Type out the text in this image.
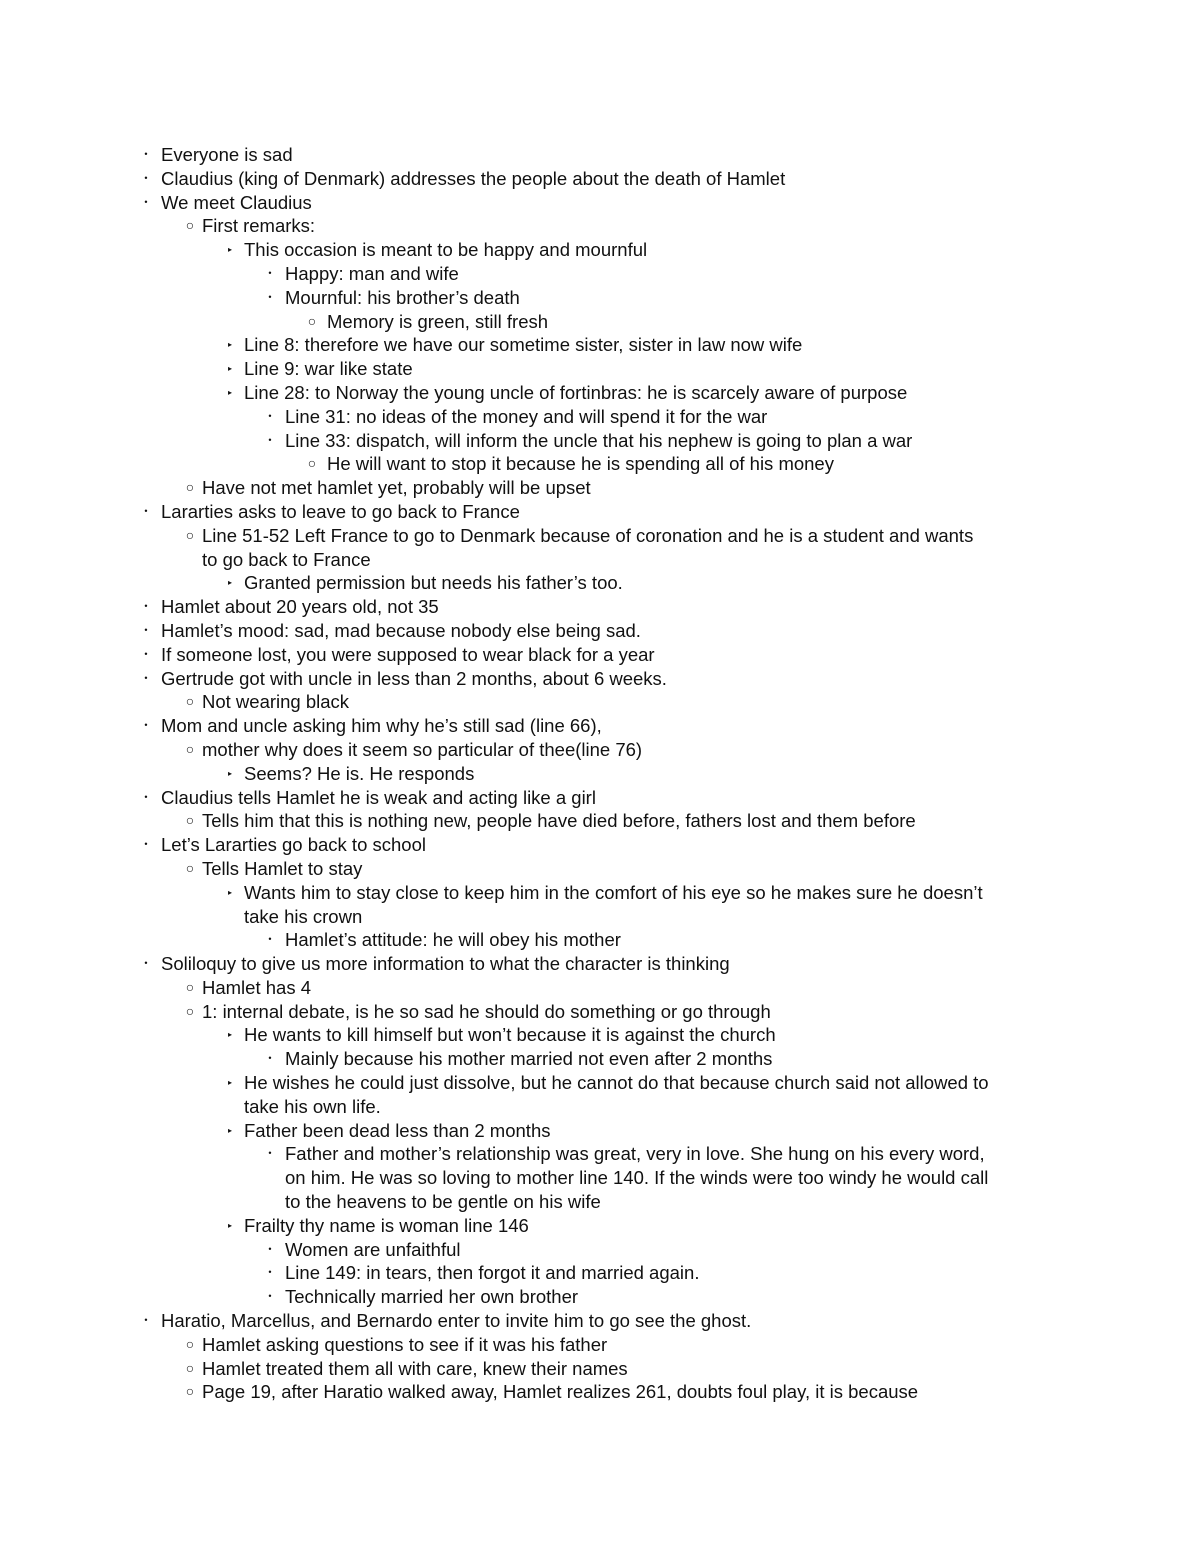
• Everyone is sad
• Claudius (king of Denmark) addresses the people about the death of Hamlet
• We meet Claudius
○ First remarks:
▸ This occasion is meant to be happy and mournful
• Happy: man and wife
• Mournful: his brother’s death
○ Memory is green, still fresh
▸ Line 8: therefore we have our sometime sister, sister in law now wife
▸ Line 9: war like state
▸ Line 28: to Norway the young uncle of fortinbras: he is scarcely aware of purpose
• Line 31: no ideas of the money and will spend it for the war
• Line 33: dispatch, will inform the uncle that his nephew is going to plan a war
○ He will want to stop it because he is spending all of his money
○ Have not met hamlet yet, probably will be upset
• Lararties asks to leave to go back to France
○ Line 51-52 Left France to go to Denmark because of coronation and he is a student and wants
to go back to France
▸ Granted permission but needs his father’s too.
• Hamlet about 20 years old, not 35
• Hamlet’s mood: sad, mad because nobody else being sad.
• If someone lost, you were supposed to wear black for a year
• Gertrude got with uncle in less than 2 months, about 6 weeks.
○ Not wearing black
• Mom and uncle asking him why he’s still sad (line 66),
○ mother why does it seem so particular of thee(line 76)
▸ Seems? He is. He responds
• Claudius tells Hamlet he is weak and acting like a girl
○ Tells him that this is nothing new, people have died before, fathers lost and them before
• Let’s Lararties go back to school
○ Tells Hamlet to stay
▸ Wants him to stay close to keep him in the comfort of his eye so he makes sure he doesn’t
take his crown
• Hamlet’s attitude: he will obey his mother
• Soliloquy to give us more information to what the character is thinking
○ Hamlet has 4
○ 1: internal debate, is he so sad he should do something or go through
▸ He wants to kill himself but won’t because it is against the church
• Mainly because his mother married not even after 2 months
▸ He wishes he could just dissolve, but he cannot do that because church said not allowed to
take his own life.
▸ Father been dead less than 2 months
• Father and mother’s relationship was great, very in love. She hung on his every word,
on him. He was so loving to mother line 140. If the winds were too windy he would call
to the heavens to be gentle on his wife
▸ Frailty thy name is woman line 146
• Women are unfaithful
• Line 149: in tears, then forgot it and married again.
• Technically married her own brother
• Haratio, Marcellus, and Bernardo enter to invite him to go see the ghost.
○ Hamlet asking questions to see if it was his father
○ Hamlet treated them all with care, knew their names
○ Page 19, after Haratio walked away, Hamlet realizes 261, doubts foul play, it is because
